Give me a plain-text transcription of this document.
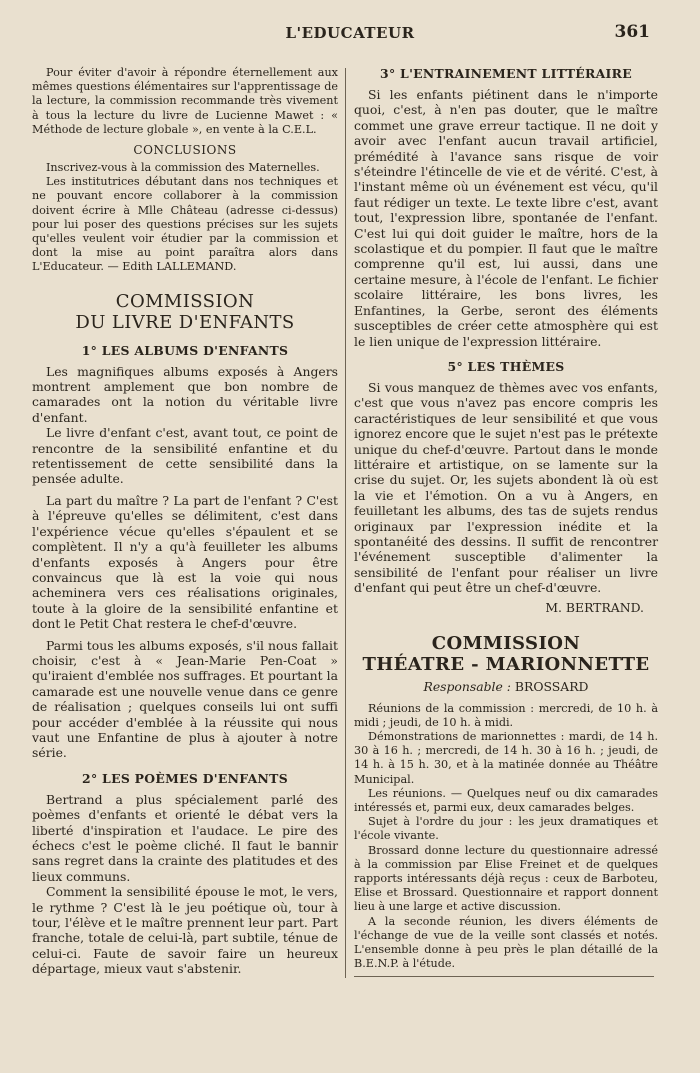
L'EDUCATEUR	361

Pour éviter d'avoir à répondre éternellement aux mêmes questions élémentaires sur l'apprentissage de la lecture, la commission recommande très vivement à tous la lecture du livre de Lucienne Mawet : « Méthode de lecture globale », en vente à la C.E.L.

CONCLUSIONS

Inscrivez-vous à la commission des Maternelles.

Les institutrices débutant dans nos techniques et ne pouvant encore collaborer à la commission doivent écrire à Mlle Château (adresse ci-dessus) pour lui poser des questions précises sur les sujets qu'elles veulent voir étudier par la commission et dont la mise au point paraîtra alors dans L'Educateur. — Edith LALLEMAND.

COMMISSION
DU LIVRE D'ENFANTS
1° LES ALBUMS D'ENFANTS

Les magnifiques albums exposés à Angers montrent amplement que bon nombre de camarades ont la notion du véritable livre d'enfant.

Le livre d'enfant c'est, avant tout, ce point de rencontre de la sensibilité enfantine et du retentissement de cette sensibilité dans la pensée adulte.

La part du maître ? La part de l'enfant ? C'est à l'épreuve qu'elles se délimitent, c'est dans l'expérience vécue qu'elles s'épaulent et se complètent. Il n'y a qu'à feuilleter les albums d'enfants exposés à Angers pour être convaincus que là est la voie qui nous acheminera vers ces réalisations originales, toute à la gloire de la sensibilité enfantine et dont le Petit Chat restera le chef-d'œuvre.

Parmi tous les albums exposés, s'il nous fallait choisir, c'est à « Jean-Marie Pen-Coat » qu'iraient d'emblée nos suffrages. Et pourtant la camarade est une nouvelle venue dans ce genre de réalisation ; quelques conseils lui ont suffi pour accéder d'emblée à la réussite qui nous vaut une Enfantine de plus à ajouter à notre série.

2° LES POÈMES D'ENFANTS

Bertrand a plus spécialement parlé des poèmes d'enfants et orienté le débat vers la liberté d'inspiration et l'audace. Le pire des échecs c'est le poème cliché. Il faut le bannir sans regret dans la crainte des platitudes et des lieux communs.

Comment la sensibilité épouse le mot, le vers, le rythme ? C'est là le jeu poétique où, tour à tour, l'élève et le maître prennent leur part. Part franche, totale de celui-là, part subtile, ténue de celui-ci. Faute de savoir faire un heureux départage, mieux vaut s'abstenir.

3° L'ENTRAINEMENT LITTÉRAIRE

Si les enfants piétinent dans le n'importe quoi, c'est, à n'en pas douter, que le maître commet une grave erreur tactique. Il ne doit y avoir avec l'enfant aucun travail artificiel, prémédité à l'avance sans risque de voir s'éteindre l'étincelle de vie et de vérité. C'est, à l'instant même où un événement est vécu, qu'il faut rédiger un texte. Le texte libre c'est, avant tout, l'expression libre, spontanée de l'enfant. C'est lui qui doit guider le maître, hors de la scolastique et du pompier. Il faut que le maître comprenne qu'il est, lui aussi, dans une certaine mesure, à l'école de l'enfant. Le fichier scolaire littéraire, les bons livres, les Enfantines, la Gerbe, seront des éléments susceptibles de créer cette atmosphère qui est le lien unique de l'expression littéraire.

5° LES THÈMES

Si vous manquez de thèmes avec vos enfants, c'est que vous n'avez pas encore compris les caractéristiques de leur sensibilité et que vous ignorez encore que le sujet n'est pas le prétexte unique du chef-d'œuvre. Partout dans le monde littéraire et artistique, on se lamente sur la crise du sujet. Or, les sujets abondent là où est la vie et l'émotion. On a vu à Angers, en feuilletant les albums, des tas de sujets rendus originaux par l'expression inédite et la spontanéité des dessins. Il suffit de rencontrer l'événement susceptible d'alimenter la sensibilité de l'enfant pour réaliser un livre d'enfant qui peut être un chef-d'œuvre.

M. BERTRAND.
COMMISSION
THÉATRE - MARIONNETTE
Responsable : BROSSARD

Réunions de la commission : mercredi, de 10 h. à midi ; jeudi, de 10 h. à midi.

Démonstrations de marionnettes : mardi, de 14 h. 30 à 16 h. ; mercredi, de 14 h. 30 à 16 h. ; jeudi, de 14 h. à 15 h. 30, et à la matinée donnée au Théâtre Municipal.

Les réunions. — Quelques neuf ou dix camarades intéressés et, parmi eux, deux camarades belges.

Sujet à l'ordre du jour : les jeux dramatiques et l'école vivante.

Brossard donne lecture du questionnaire adressé à la commission par Elise Freinet et de quelques rapports intéressants déjà reçus : ceux de Barboteu, Elise et Brossard. Questionnaire et rapport donnent lieu à une large et active discussion.

A la seconde réunion, les divers éléments de l'échange de vue de la veille sont classés et notés. L'ensemble donne à peu près le plan détaillé de la B.E.N.P. à l'étude.
